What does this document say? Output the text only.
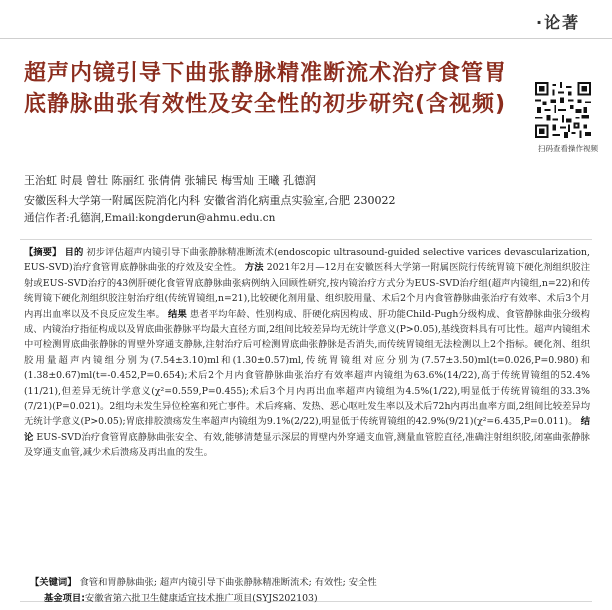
·论著
超声内镜引导下曲张静脉精准断流术治疗食管胃底静脉曲张有效性及安全性的初步研究(含视频)
扫码查看操作视频
王治虹 时晨 曾壮 陈丽红 张倩倩 张辅民 梅雪灿 王曦 孔德润
安徽医科大学第一附属医院消化内科 安徽省消化病重点实验室,合肥 230022
通信作者:孔德润,Email:kongderun@ahmu.edu.cn
【摘要】 目的 初步评估超声内镜引导下曲张静脉精准断流术(endoscopic ultrasound-guided selective varices devascularization, EUS-SVD)治疗食管胃底静脉曲张的疗效及安全性。 方法 2021年2月—12月在安徽医科大学第一附属医院行传统胃镜下硬化剂组织胶注射或EUS-SVD治疗的43例肝硬化食管胃底静脉曲张病例纳入回顾性研究,按内镜治疗方式分为EUS-SVD治疗组(超声内镜组,n=22)和传统胃镜下硬化剂组织胶注射治疗组(传统胃镜组,n=21),比较硬化剂用量、组织胶用量、术后2个月内食管静脉曲张治疗有效率、术后3个月内再出血率以及不良反应发生率。 结果 患者平均年龄、性别构成、肝硬化病因构成、肝功能Child-Pugh分级构成、食管静脉曲张分级构成、内镜治疗指征构成以及胃底曲张静脉平均最大直径方面,2组间比较差异均无统计学意义(P>0.05),基线资料具有可比性。超声内镜组术中可检测胃底曲张静脉的胃壁外穿通支静脉,注射治疗后可检测胃底曲张静脉是否消失,而传统胃镜组无法检测以上2个指标。硬化剂、组织胶用量超声内镜组分别为(7.54±3.10)ml和(1.30±0.57)ml,传统胃镜组对应分别为(7.57±3.50)ml(t=0.026,P=0.980)和(1.38±0.67)ml(t=-0.452,P=0.654);术后2个月内食管静脉曲张治疗有效率超声内镜组为63.6%(14/22),高于传统胃镜组的52.4%(11/21),但差异无统计学意义(χ²=0.559,P=0.455);术后3个月内再出血率超声内镜组为4.5%(1/22),明显低于传统胃镜组的33.3%(7/21)(P=0.021)。2组均未发生异位栓塞和死亡事件。术后疼痛、发热、恶心呕吐发生率以及术后72h内再出血率方面,2组间比较差异均无统计学意义(P>0.05);胃底排胶溃疡发生率超声内镜组为9.1%(2/22),明显低于传统胃镜组的42.9%(9/21)(χ²=6.435,P=0.011)。 结论 EUS-SVD治疗食管胃底静脉曲张安全、有效,能够清楚显示深层的胃壁内外穿通支血管,测量血管腔直径,准确注射组织胶,闭塞曲张静脉及穿通支血管,减少术后溃疡及再出血的发生。
【关键词】 食管和胃静脉曲张; 超声内镜引导下曲张静脉精准断流术; 有效性; 安全性
基金项目:安徽省第六批卫生健康适宜技术推广项目(SYJS202103)
